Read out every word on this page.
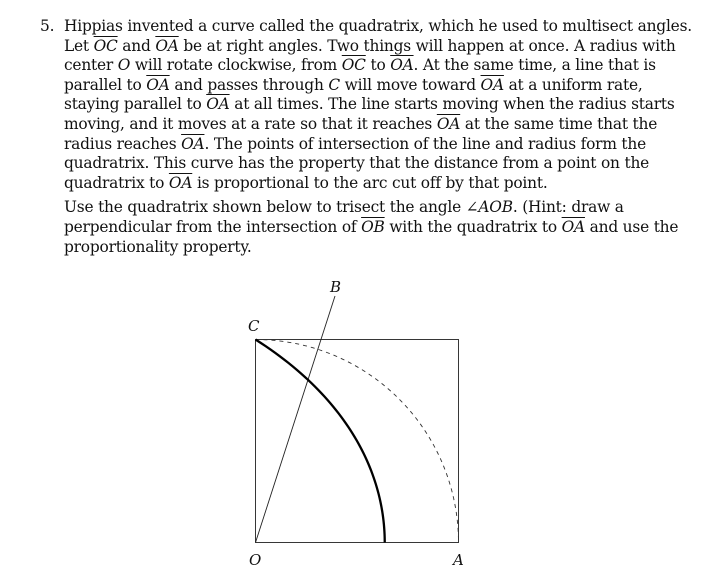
5. Hippias invented a curve called the quadratrix, which he used to multisect angles.
Let $\overline{OC}$ and $\overline{OA}$ be at right angles. Two things will happen at once. A radius with
center O will rotate clockwise, from $\overline{OC}$ to $\overline{OA}$. At the same time, a line that is
parallel to $\overline{OA}$ and passes through C will move toward $\overline{OA}$ at a uniform rate,
staying parallel to $\overline{OA}$ at all times. The line starts moving when the radius starts
moving, and it moves at a rate so that it reaches $\overline{OA}$ at the same time that the
radius reaches $\overline{OA}$. The points of intersection of the line and radius form the
quadratrix. This curve has the property that the distance from a point on the
quadratrix to $\overline{OA}$ is proportional to the arc cut off by that point.
Use the quadratrix shown below to trisect the angle ∠AOB. (Hint: draw a
perpendicular from the intersection of $\overline{OB}$ with the quadratrix to $\overline{OA}$ and use the
proportionality property.
B
C
O	A
